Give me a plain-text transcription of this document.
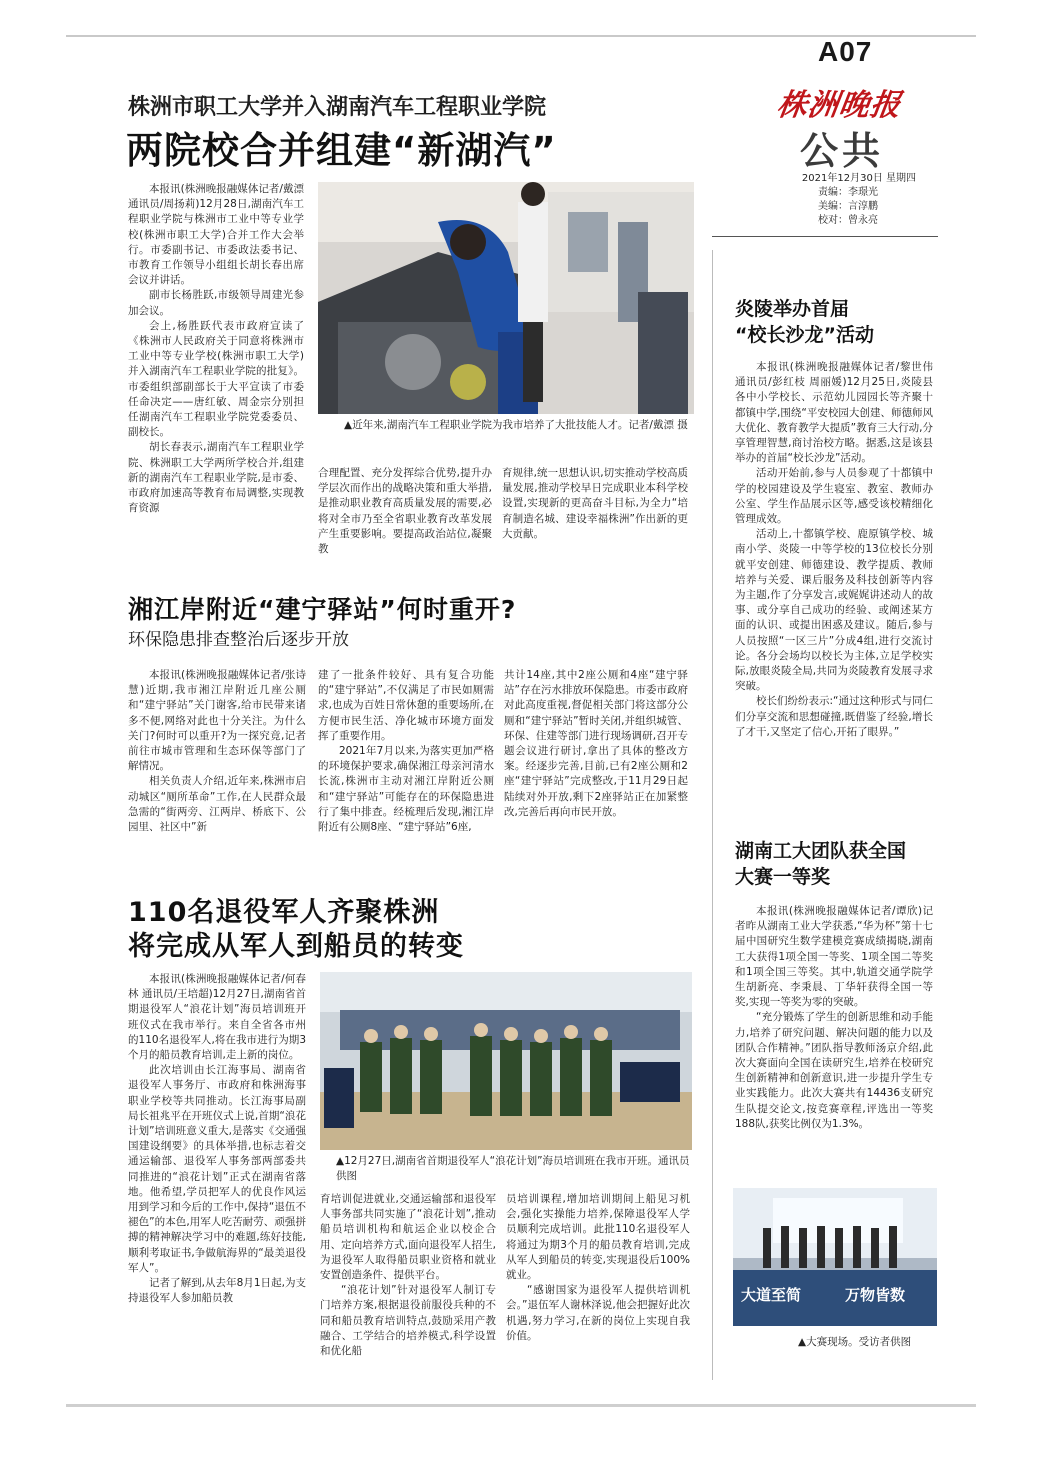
A07
株洲晚报
公共
2021年12月30日 星期四
责编：李璟光
美编：言淳鹏
校对：曾永亮
株洲市职工大学并入湖南汽车工程职业学院
两院校合并组建“新湖汽”

本报讯(株洲晚报融媒体记者/戴漂 通讯员/周扬莉)12月28日,湖南汽车工程职业学院与株洲市工业中等专业学校(株洲市职工大学)合并工作大会举行。市委副书记、市委政法委书记、市教育工作领导小组组长胡长春出席会议并讲话。

副市长杨胜跃,市级领导周建光参加会议。

会上,杨胜跃代表市政府宣读了《株洲市人民政府关于同意将株洲市工业中等专业学校(株洲市职工大学)并入湖南汽车工程职业学院的批复》。市委组织部副部长于大平宣读了市委任命决定——唐红敏、周金宗分别担任湖南汽车工程职业学院党委委员、副校长。

胡长春表示,湖南汽车工程职业学院、株洲职工大学两所学校合并,组建新的湖南汽车工程职业学院,是市委、市政府加速高等教育布局调整,实现教育资源

▲近年来,湖南汽车工程职业学院为我市培养了大批技能人才。记者/戴漂 摄

合理配置、充分发挥综合优势,提升办学层次而作出的战略决策和重大举措,是推动职业教育高质量发展的需要,必将对全市乃至全省职业教育改革发展产生重要影响。要提高政治站位,凝聚教

育规律,统一思想认识,切实推动学校高质量发展,推动学校早日完成职业本科学校设置,实现新的更高奋斗目标,为全力“培育制造名城、建设幸福株洲”作出新的更大贡献。

湘江岸附近“建宁驿站”何时重开?
环保隐患排查整治后逐步开放

本报讯(株洲晚报融媒体记者/张诗慧)近期,我市湘江岸附近几座公厕和“建宁驿站”关门谢客,给市民带来诸多不便,网络对此也十分关注。为什么关门?何时可以重开?为一探究竟,记者前往市城市管理和生态环保等部门了解情况。

相关负责人介绍,近年来,株洲市启动城区“厕所革命”工作,在人民群众最急需的“街两旁、江两岸、桥底下、公园里、社区中”新

建了一批条件较好、具有复合功能的“建宁驿站”,不仅满足了市民如厕需求,也成为百姓日常休憩的重要场所,在方便市民生活、净化城市环境方面发挥了重要作用。

2021年7月以来,为落实更加严格的环境保护要求,确保湘江母亲河清水长流,株洲市主动对湘江岸附近公厕和“建宁驿站”可能存在的环保隐患进行了集中排查。经梳理后发现,湘江岸附近有公厕8座、“建宁驿站”6座,

共计14座,其中2座公厕和4座“建宁驿站”存在污水排放环保隐患。市委市政府对此高度重视,督促相关部门将这部分公厕和“建宁驿站”暂时关闭,并组织城管、环保、住建等部门进行现场调研,召开专题会议进行研讨,拿出了具体的整改方案。经逐步完善,目前,已有2座公厕和2座“建宁驿站”完成整改,于11月29日起陆续对外开放,剩下2座驿站正在加紧整改,完善后再向市民开放。

110名退役军人齐聚株洲
将完成从军人到船员的转变

本报讯(株洲晚报融媒体记者/何春林 通讯员/王培超)12月27日,湖南省首期退役军人“浪花计划”海员培训班开班仪式在我市举行。来自全省各市州的110名退役军人,将在我市进行为期3个月的船员教育培训,走上新的岗位。

此次培训由长江海事局、湖南省退役军人事务厅、市政府和株洲海事职业学校等共同推动。长江海事局副局长祖兆平在开班仪式上说,首期“浪花计划”培训班意义重大,是落实《交通强国建设纲要》的具体举措,也标志着交通运输部、退役军人事务部两部委共同推进的“浪花计划”正式在湖南省落地。他希望,学员把军人的优良作风运用到学习和今后的工作中,保持“退伍不褪色”的本色,用军人吃苦耐劳、顽强拼搏的精神解决学习中的难题,练好技能,顺利考取证书,争做航海界的“最美退役军人”。

记者了解到,从去年8月1日起,为支持退役军人参加船员教

▲12月27日,湖南省首期退役军人“浪花计划”海员培训班在我市开班。通讯员供图

育培训促进就业,交通运输部和退役军人事务部共同实施了“浪花计划”,推动船员培训机构和航运企业以校企合用、定向培养方式,面向退役军人招生,为退役军人取得船员职业资格和就业安置创造条件、提供平台。

“浪花计划”针对退役军人制订专门培养方案,根据退役前服役兵种的不同和船员教育培训特点,鼓励采用产教融合、工学结合的培养模式,科学设置和优化船

员培训课程,增加培训期间上船见习机会,强化实操能力培养,保障退役军人学员顺利完成培训。此批110名退役军人将通过为期3个月的船员教育培训,完成从军人到船员的转变,实现退役后100%就业。

“感谢国家为退役军人提供培训机会。”退伍军人谢林泽说,他会把握好此次机遇,努力学习,在新的岗位上实现自我价值。

炎陵举办首届
“校长沙龙”活动

本报讯(株洲晚报融媒体记者/黎世伟 通讯员/彭红枝 周丽媛)12月25日,炎陵县各中小学校长、示范幼儿园园长等齐聚十都镇中学,围绕“平安校园大创建、师德师风大优化、教育教学大提质”教育三大行动,分享管理智慧,商讨治校方略。据悉,这是该县举办的首届“校长沙龙”活动。

活动开始前,参与人员参观了十都镇中学的校园建设及学生寝室、教室、教师办公室、学生作品展示区等,感受该校精细化管理成效。

活动上,十都镇学校、鹿原镇学校、城南小学、炎陵一中等学校的13位校长分别就平安创建、师德建设、教学提质、教师培养与关爱、课后服务及科技创新等内容为主题,作了分享发言,或娓娓讲述动人的故事、或分享自己成功的经验、或阐述某方面的认识、或提出困惑及建议。随后,参与人员按照“一区三片”分成4组,进行交流讨论。各分会场均以校长为主体,立足学校实际,放眼炎陵全局,共同为炎陵教育发展寻求突破。

校长们纷纷表示:“通过这种形式与同仁们分享交流和思想碰撞,既借鉴了经验,增长了才干,又坚定了信心,开拓了眼界。”

湖南工大团队获全国
大赛一等奖

本报讯(株洲晚报融媒体记者/谭欣)记者昨从湖南工业大学获悉,“华为杯”第十七届中国研究生数学建模竞赛成绩揭晓,湖南工大获得1项全国一等奖、1项全国二等奖和1项全国三等奖。其中,轨道交通学院学生胡新亮、李秉晨、丁华轩获得全国一等奖,实现一等奖为零的突破。

“充分锻炼了学生的创新思维和动手能力,培养了研究问题、解决问题的能力以及团队合作精神。”团队指导教师汤京介绍,此次大赛面向全国在读研究生,培养在校研究生创新精神和创新意识,进一步提升学生专业实践能力。此次大赛共有14436支研究生队提交论文,按竞赛章程,评选出一等奖188队,获奖比例仅为1.3%。

大道至简	万物皆数
▲大赛现场。受访者供图
